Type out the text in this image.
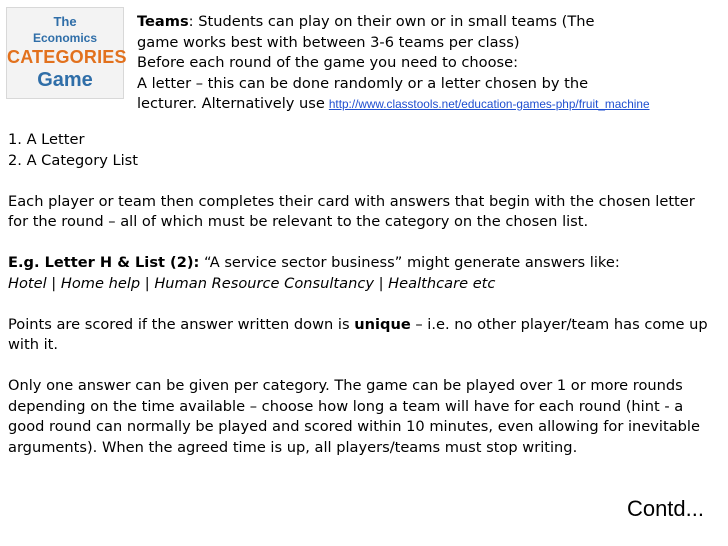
The
Economics
CATEGORIES
Game
Teams: Students can play on their own or in small teams (The
game works best with between 3-6 teams per class)
Before each round of the game you need to choose:
A letter – this can be done randomly or a letter chosen by the
lecturer. Alternatively use http://www.classtools.net/education-games-php/fruit_machine
1. A Letter
2. A Category List
Each player or team then completes their card with answers that begin with the chosen letter
for the round – all of which must be relevant to the category on the chosen list.
E.g. Letter H & List (2): “A service sector business” might generate answers like:
Hotel | Home help | Human Resource Consultancy | Healthcare etc
Points are scored if the answer written down is unique – i.e. no other player/team has come up
with it.
Only one answer can be given per category. The game can be played over 1 or more rounds
depending on the time available – choose how long a team will have for each round (hint - a
good round can normally be played and scored within 10 minutes, even allowing for inevitable
arguments). When the agreed time is up, all players/teams must stop writing.
Contd...
